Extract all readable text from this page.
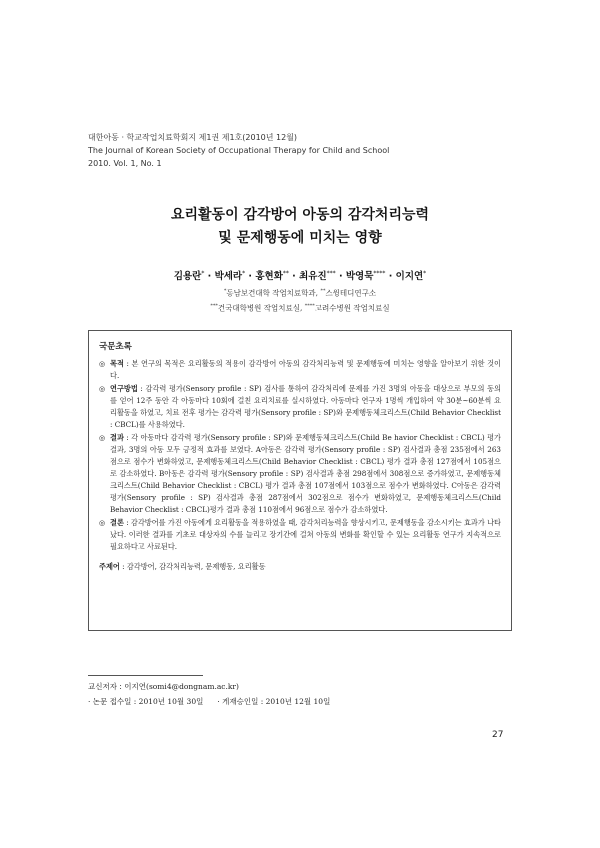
대한아동 · 학교작업치료학회지 제1권 제1호(2010년 12월)
The Journal of Korean Society of Occupational Therapy for Child and School
2010. Vol. 1, No. 1
요리활동이 감각방어 아동의 감각처리능력
및 문제행동에 미치는 영향
김용란* · 박세라* · 홍현화** · 최유진*** · 박영묵**** · 이지연*
*동남보건대학 작업치료학과, **스윙테디연구소
***건국대학병원 작업치료실, ****고려수병원 작업치료실
국문초록
◎ 목적 : 본 연구의 목적은 요리활동의 적용이 감각방어 아동의 감각처리능력 및 문제행동에 미치는 영향을 알아보기 위한 것이다.
◎ 연구방법 : 감각력 평가(Sensory profile : SP) 검사를 통하여 감각처리에 문제를 가진 3명의 아동을 대상으로 부모의 동의를 얻어 12주 동안 각 아동마다 10회에 걸친 요리치료를 실시하였다. 아동마다 연구자 1명씩 개입하여 약 30분~60분씩 요리활동을 하였고, 치료 전후 평가는 감각력 평가(Sensory profile : SP)와 문제행동체크리스트(Child Behavior Checklist : CBCL)를 사용하였다.
◎ 결과 : 각 아동마다 감각력 평가(Sensory profile : SP)와 문제행동체크리스트(Child Be havior Checklist : CBCL) 평가 결과, 3명의 아동 모두 긍정적 효과를 보였다. A아동은 감각력 평가(Sensory profile : SP) 검사결과 총점 235점에서 263점으로 점수가 변화하였고, 문제행동체크리스트(Child Behavior Checklist : CBCL) 평가 결과 총점 127점에서 105점으로 감소하였다. B아동은 감각력 평가(Sensory profile : SP) 검사결과 총점 298점에서 308점으로 증가하였고, 문제행동체크리스트(Child Behavior Checklist : CBCL) 평가 결과 총점 107점에서 103점으로 점수가 변화하였다. C아동은 감각력 평가(Sensory profile : SP) 검사결과 총점 287점에서 302점으로 점수가 변화하였고, 문제행동체크리스트(Child Behavior Checklist : CBCL)평가 결과 총점 110점에서 96점으로 점수가 감소하였다.
◎ 결론 : 감각방어를 가진 아동에게 요리활동을 적용하였을 때, 감각처리능력을 향상시키고, 문제행동을 감소시키는 효과가 나타났다. 이러한 결과를 기초로 대상자의 수를 늘리고 장기간에 걸쳐 아동의 변화를 확인할 수 있는 요리활동 연구가 지속적으로 필요하다고 사료된다.
주제어 : 감각방어, 감각처리능력, 문제행동, 요리활동
교신저자 : 이지연(somi4@dongnam.ac.kr)
· 논문 접수일 : 2010년 10월 30일 · 게재승인일 : 2010년 12월 10일
27
